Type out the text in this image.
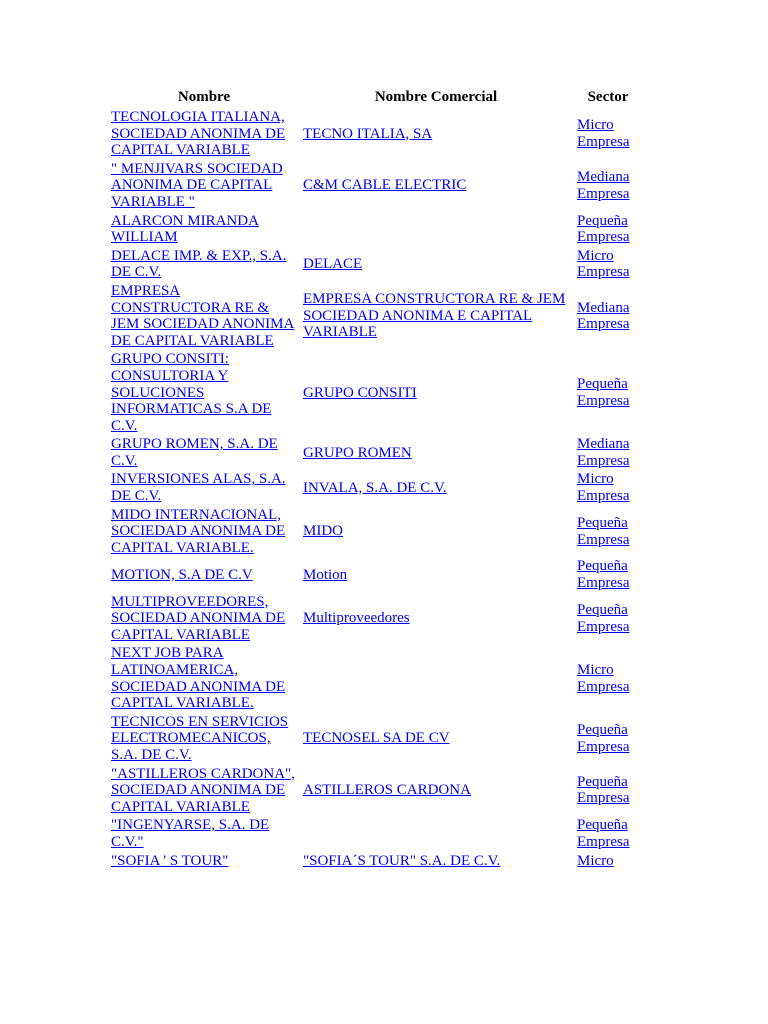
Nombre	Nombre Comercial	Sector
TECNOLOGIA ITALIANA, SOCIEDAD ANONIMA DE CAPITAL VARIABLE	TECNO ITALIA, SA	Micro Empresa
" MENJIVARS SOCIEDAD ANONIMA DE CAPITAL VARIABLE "	C&M CABLE ELECTRIC	Mediana Empresa
ALARCON MIRANDA WILLIAM		Pequeña Empresa
DELACE IMP. & EXP., S.A. DE C.V.	DELACE	Micro Empresa
EMPRESA CONSTRUCTORA RE & JEM SOCIEDAD ANONIMA DE CAPITAL VARIABLE	EMPRESA CONSTRUCTORA RE & JEM SOCIEDAD ANONIMA E CAPITAL VARIABLE	Mediana Empresa
GRUPO CONSITI: CONSULTORIA Y SOLUCIONES INFORMATICAS S.A DE C.V.	GRUPO CONSITI	Pequeña Empresa
GRUPO ROMEN, S.A. DE C.V.	GRUPO ROMEN	Mediana Empresa
INVERSIONES ALAS, S.A. DE C.V.	INVALA, S.A. DE C.V.	Micro Empresa
MIDO INTERNACIONAL, SOCIEDAD ANONIMA DE CAPITAL VARIABLE.	MIDO	Pequeña Empresa
MOTION, S.A DE C.V	Motion	Pequeña Empresa
MULTIPROVEEDORES, SOCIEDAD ANONIMA DE CAPITAL VARIABLE	Multiproveedores	Pequeña Empresa
NEXT JOB PARA LATINOAMERICA, SOCIEDAD ANONIMA DE CAPITAL VARIABLE.		Micro Empresa
TECNICOS EN SERVICIOS ELECTROMECANICOS, S.A. DE C.V.	TECNOSEL SA DE CV	Pequeña Empresa
"ASTILLEROS CARDONA", SOCIEDAD ANONIMA DE CAPITAL VARIABLE	ASTILLEROS CARDONA	Pequeña Empresa
"INGENYARSE, S.A. DE C.V."		Pequeña Empresa
"SOFIA ' S TOUR"	"SOFIA´S TOUR" S.A. DE C.V.	Micro
